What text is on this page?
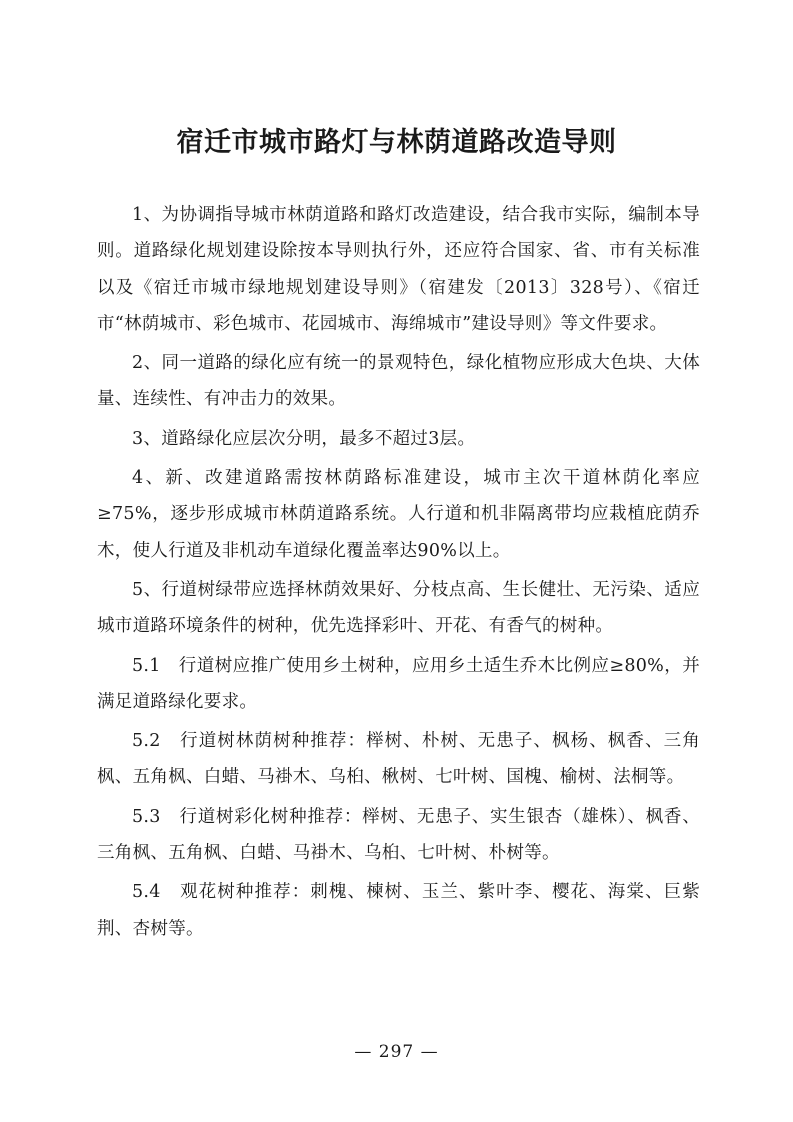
宿迁市城市路灯与林荫道路改造导则

1、为协调指导城市林荫道路和路灯改造建设，结合我市实际，编制本导则。道路绿化规划建设除按本导则执行外，还应符合国家、省、市有关标准以及《宿迁市城市绿地规划建设导则》（宿建发〔2013〕328号）、《宿迁市“林荫城市、彩色城市、花园城市、海绵城市”建设导则》等文件要求。

2、同一道路的绿化应有统一的景观特色，绿化植物应形成大色块、大体量、连续性、有冲击力的效果。

3、道路绿化应层次分明，最多不超过3层。

4、新、改建道路需按林荫路标准建设，城市主次干道林荫化率应≥75%，逐步形成城市林荫道路系统。人行道和机非隔离带均应栽植庇荫乔木，使人行道及非机动车道绿化覆盖率达90%以上。

5、行道树绿带应选择林荫效果好、分枝点高、生长健壮、无污染、适应城市道路环境条件的树种，优先选择彩叶、开花、有香气的树种。

5.1　行道树应推广使用乡土树种，应用乡土适生乔木比例应≥80%，并满足道路绿化要求。

5.2　行道树林荫树种推荐：榉树、朴树、无患子、枫杨、枫香、三角枫、五角枫、白蜡、马褂木、乌桕、楸树、七叶树、国槐、榆树、法桐等。

5.3　行道树彩化树种推荐：榉树、无患子、实生银杏（雄株）、枫香、三角枫、五角枫、白蜡、马褂木、乌桕、七叶树、朴树等。

5.4　观花树种推荐：刺槐、楝树、玉兰、紫叶李、樱花、海棠、巨紫荆、杏树等。

— 297 —
